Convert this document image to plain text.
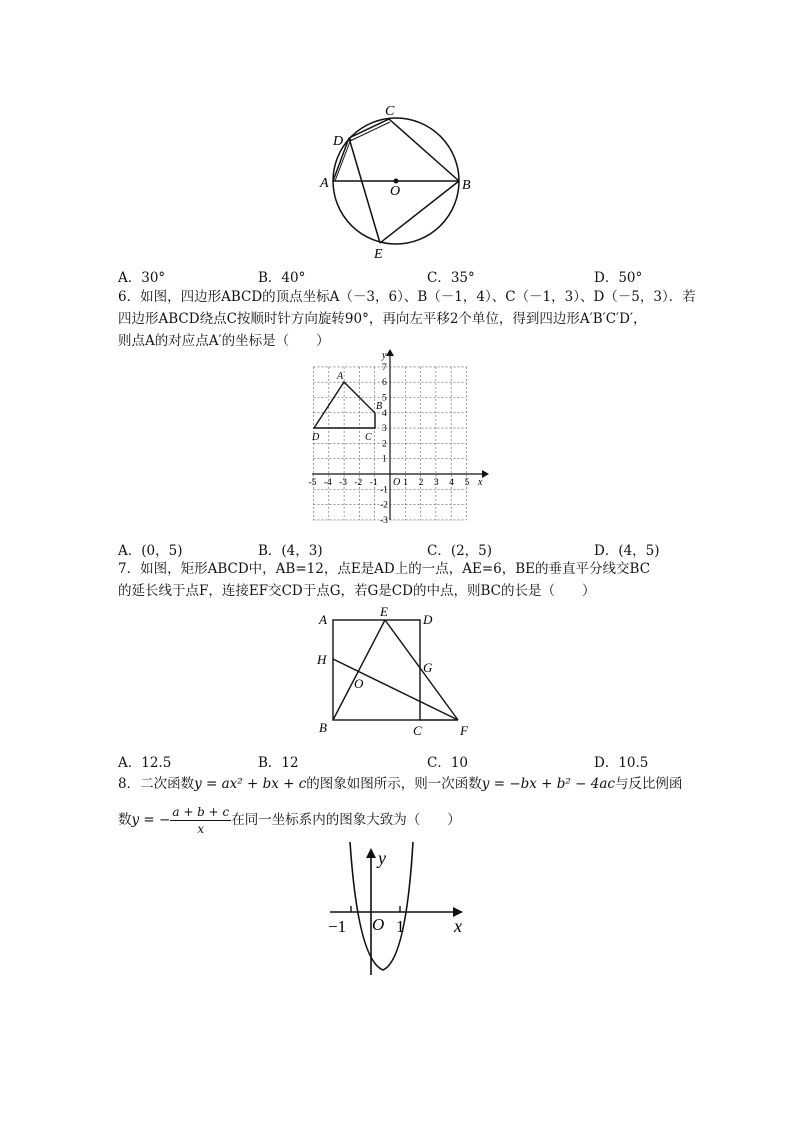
C
D
A
O	B
E
A．30°	B．40°	C．35°	D．50°
6．如图，四边形ABCD的顶点坐标A（－3，6）、B（－1，4）、C（－1，3）、D（－5，3）．若
四边形ABCD绕点C按顺时针方向旋转90°，再向左平移2个单位，得到四边形A′B′C′D′，
则点A的对应点A′的坐标是（　　）
-5 -4 -3 -2 -1	1 2 3 4 5
7
6
5
4
3
2
1
-1
-2
-3
A
B
C
D
O	x
y
A．(0，5)	B．(4，3)	C．(2，5)	D．(4，5)
7．如图，矩形ABCD中，AB=12，点E是AD上的一点，AE=6，BE的垂直平分线交BC
的延长线于点F，连接EF交CD于点G，若G是CD的中点，则BC的长是（　　）
A
E
D
H
G
O
B	C	F
A．12.5	B．12	C．10	D．10.5
8．二次函数y = ax² + bx + c的图象如图所示，则一次函数y = −bx + b² − 4ac与反比例函
数y = − $\frac{a + b + c}{x}$ 在同一坐标系内的图象大致为（　　）
−1 O 1	x
y
